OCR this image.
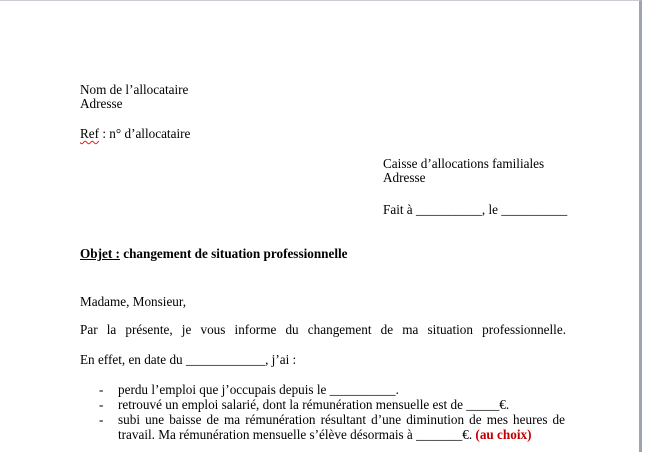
Nom de l’allocataire
Adresse
Ref : n° d’allocataire
Caisse d’allocations familiales
Adresse
Fait à __________, le __________
Objet : changement de situation professionnelle
Madame, Monsieur,
Par la présente, je vous informe du changement de ma situation professionnelle.
En effet, en date du ____________, j’ai :
- perdu l’emploi que j’occupais depuis le __________.
- retrouvé un emploi salarié, dont la rémunération mensuelle est de _____€.
- subi une baisse de ma rémunération résultant d’une diminution de mes heures de
travail. Ma rémunération mensuelle s’élève désormais à _______€. (au choix)
